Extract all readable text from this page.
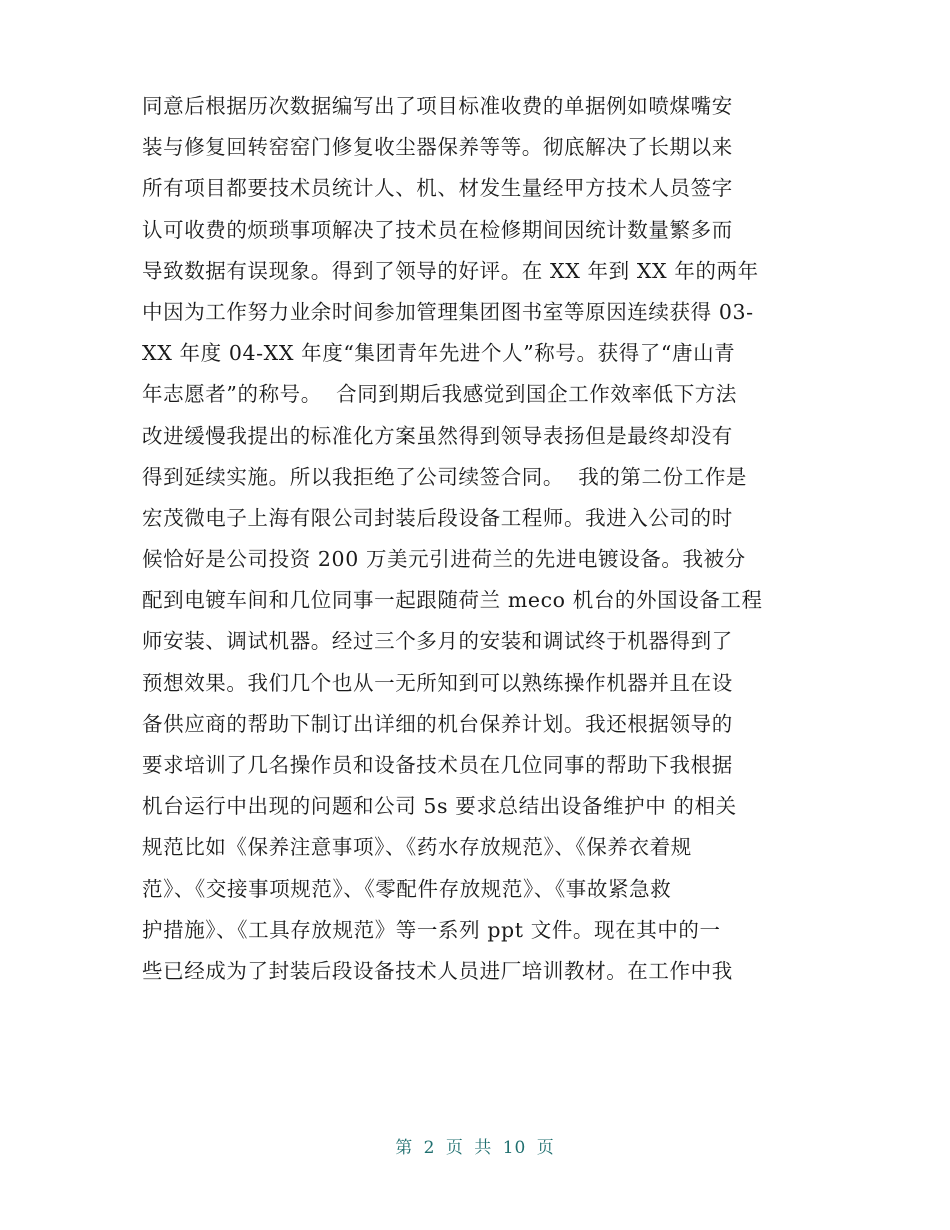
同意后根据历次数据编写出了项目标准收费的单据例如喷煤嘴安
装与修复回转窑窑门修复收尘器保养等等。彻底解决了长期以来
所有项目都要技术员统计人、机、材发生量经甲方技术人员签字
认可收费的烦琐事项解决了技术员在检修期间因统计数量繁多而
导致数据有误现象。得到了领导的好评。在 XX 年到 XX 年的两年
中因为工作努力业余时间参加管理集团图书室等原因连续获得 03-
XX 年度 04-XX 年度“集团青年先进个人”称号。获得了“唐山青
年志愿者”的称号。  合同到期后我感觉到国企工作效率低下方法
改进缓慢我提出的标准化方案虽然得到领导表扬但是最终却没有
得到延续实施。所以我拒绝了公司续签合同。  我的第二份工作是
宏茂微电子上海有限公司封装后段设备工程师。我进入公司的时
候恰好是公司投资 200 万美元引进荷兰的先进电镀设备。我被分
配到电镀车间和几位同事一起跟随荷兰 meco 机台的外国设备工程
师安装、调试机器。经过三个多月的安装和调试终于机器得到了
预想效果。我们几个也从一无所知到可以熟练操作机器并且在设
备供应商的帮助下制订出详细的机台保养计划。我还根据领导的
要求培训了几名操作员和设备技术员在几位同事的帮助下我根据
机台运行中出现的问题和公司 5s 要求总结出设备维护中 的相关
规范比如《保养注意事项》、《药水存放规范》、《保养衣着规
范》、《交接事项规范》、《零配件存放规范》、《事故紧急救
护措施》、《工具存放规范》等一系列 ppt 文件。现在其中的一
些已经成为了封装后段设备技术人员进厂培训教材。在工作中我
第 2 页 共 10 页
